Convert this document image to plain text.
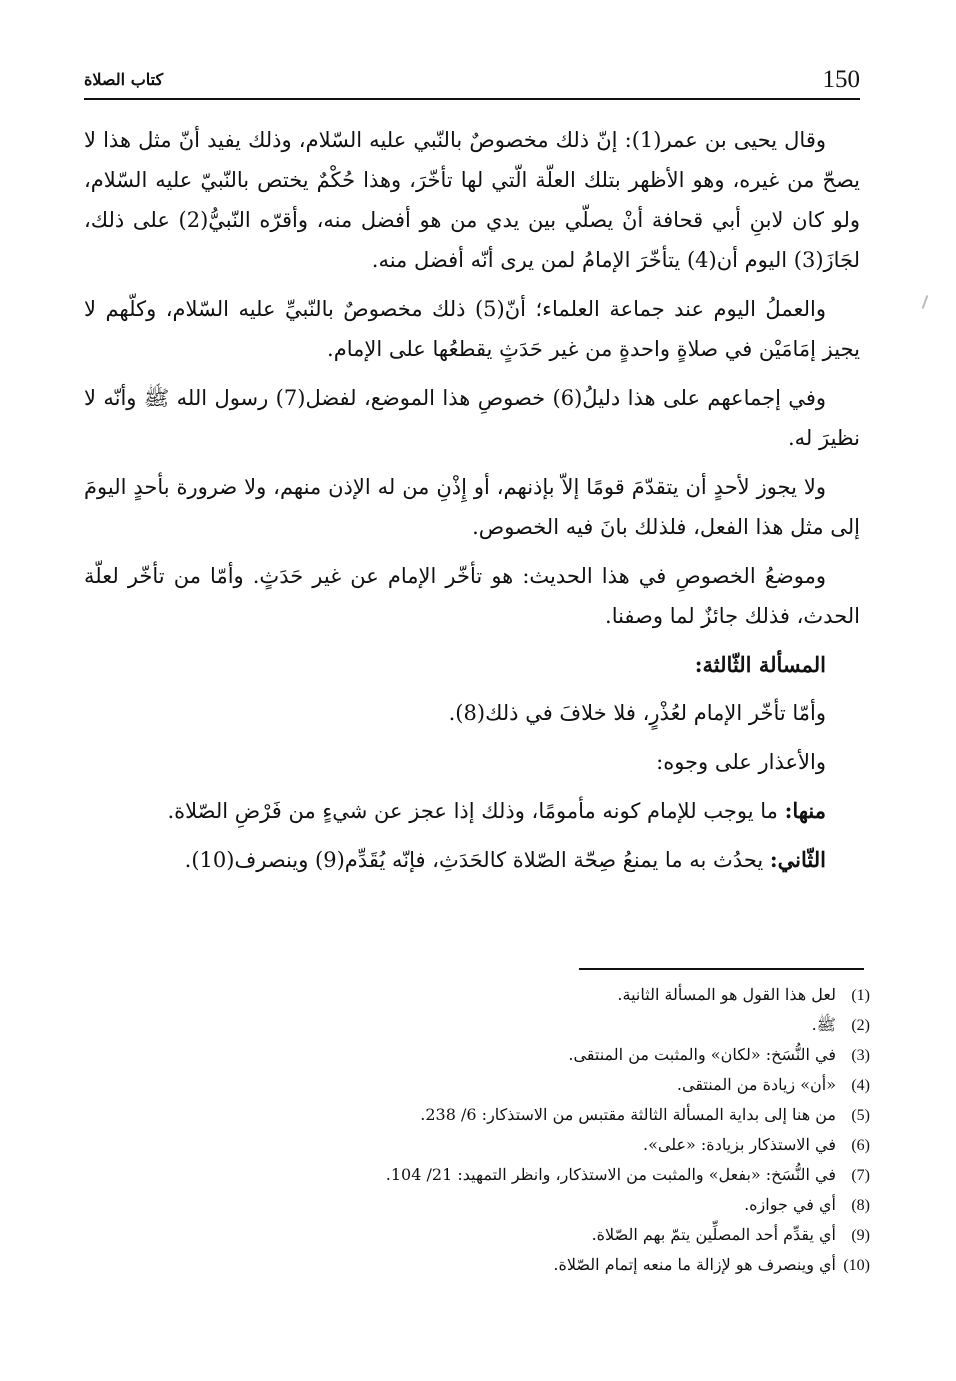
150
كتاب الصلاة

وقال يحيى بن عمر(1): إنّ ذلك مخصوصٌ بالنّبي عليه السّلام، وذلك يفيد أنّ مثل هذا لا يصحّ من غيره، وهو الأظهر بتلك العلّة الّتي لها تأخّرَ، وهذا حُكْمٌ يختص بالنّبيّ عليه السّلام، ولو كان لابنِ أبي قحافة أنْ يصلّي بين يدي من هو أفضل منه، وأقرّه النّبيُّ(2) على ذلك، لجَازَ(3) اليوم أن(4) يتأخّرَ الإمامُ لمن يرى أنّه أفضل منه.

والعملُ اليوم عند جماعة العلماء؛ أنّ(5) ذلك مخصوصٌ بالنّبيِّ عليه السّلام، وكلّهم لا يجيز إمَامَيْن في صلاةٍ واحدةٍ من غير حَدَثٍ يقطعُها على الإمام.

وفي إجماعهم على هذا دليلُ(6) خصوصِ هذا الموضع، لفضل(7) رسول الله ﷺ وأنّه لا نظيرَ له.

ولا يجوز لأحدٍ أن يتقدّمَ قومًا إلاّ بإذنهم، أو إِذْنِ من له الإذن منهم، ولا ضرورة بأحدٍ اليومَ إلى مثل هذا الفعل، فلذلك بانَ فيه الخصوص.

وموضعُ الخصوصِ في هذا الحديث: هو تأخّر الإمام عن غير حَدَثٍ. وأمّا من تأخّر لعلّة الحدث، فذلك جائزٌ لما وصفنا.

المسألة الثّالثة:

وأمّا تأخّر الإمام لعُذْرٍ، فلا خلافَ في ذلك(8).

والأعذار على وجوه:

منها: ما يوجب للإمام كونه مأمومًا، وذلك إذا عجز عن شيءٍ من فَرْضِ الصّلاة.

الثّاني: يحدُث به ما يمنعُ صِحّة الصّلاة كالحَدَثِ، فإنّه يُقَدِّم(9) وينصرف(10).

(1)لعل هذا القول هو المسألة الثانية.
(2)ﷺ.
(3)في النُّسَخ: «لكان» والمثبت من المنتقى.
(4)«أن» زيادة من المنتقى.
(5)من هنا إلى بداية المسألة الثالثة مقتبس من الاستذكار: 6/ 238.
(6)في الاستذكار بزيادة: «على».
(7)في النُّسَخ: «بفعل» والمثبت من الاستذكار، وانظر التمهيد: 21/ 104.
(8)أي في جوازه.
(9)أي يقدِّم أحد المصلِّين يتمّ بهم الصّلاة.
(10)أي وينصرف هو لإزالة ما منعه إتمام الصّلاة.
